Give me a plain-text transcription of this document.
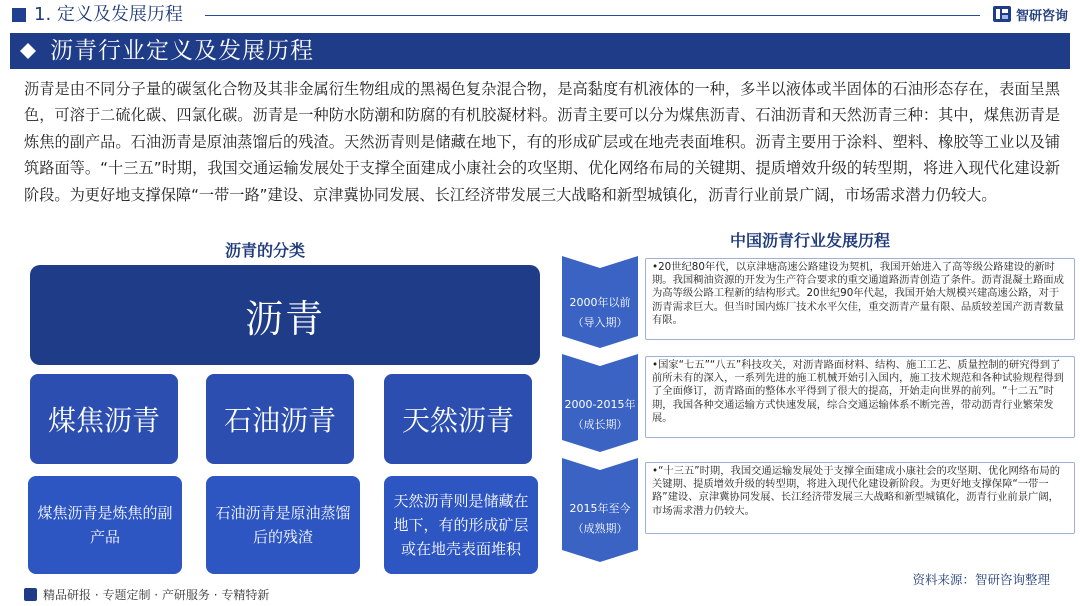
1. 定义及发展历程	智研咨询
沥青行业定义及发展历程

沥青是由不同分子量的碳氢化合物及其非金属衍生物组成的黑褐色复杂混合物，是高黏度有机液体的一种，多半以液体或半固体的石油形态存在，表面呈黑色，可溶于二硫化碳、四氯化碳。沥青是一种防水防潮和防腐的有机胶凝材料。沥青主要可以分为煤焦沥青、石油沥青和天然沥青三种：其中，煤焦沥青是炼焦的副产品。石油沥青是原油蒸馏后的残渣。天然沥青则是储藏在地下，有的形成矿层或在地壳表面堆积。沥青主要用于涂料、塑料、橡胶等工业以及铺筑路面等。“十三五”时期，我国交通运输发展处于支撑全面建成小康社会的攻坚期、优化网络布局的关键期、提质增效升级的转型期，将进入现代化建设新阶段。为更好地支撑保障“一带一路”建设、京津冀协同发展、长江经济带发展三大战略和新型城镇化，沥青行业前景广阔，市场需求潜力仍较大。

沥青的分类
沥青
煤焦沥青 石油沥青 天然沥青
煤焦沥青是炼焦的副产品
石油沥青是原油蒸馏后的残渣
天然沥青则是储藏在地下，有的形成矿层或在地壳表面堆积
中国沥青行业发展历程
2000年以前
（导入期）
•20世纪80年代，以京津塘高速公路建设为契机，我国开始进入了高等级公路建设的新时期。我国稠油资源的开发为生产符合要求的重交通道路沥青创造了条件。沥青混凝土路面成为高等级公路工程新的结构形式。20世纪90年代起，我国开始大规模兴建高速公路，对于沥青需求巨大。但当时国内炼厂技术水平欠佳，重交沥青产量有限、品质较差国产沥青数量有限。
2000-2015年
（成长期）
•国家“七五”“八五”科技攻关，对沥青路面材料、结构、施工工艺、质量控制的研究得到了前所未有的深入，一系列先进的施工机械开始引入国内，施工技术规范和各种试验规程得到了全面修订，沥青路面的整体水平得到了很大的提高，开始走向世界的前列。“十二五”时期，我国各种交通运输方式快速发展，综合交通运输体系不断完善，带动沥青行业繁荣发展。
2015年至今
（成熟期）
•“十三五”时期，我国交通运输发展处于支撑全面建成小康社会的攻坚期、优化网络布局的关键期、提质增效升级的转型期，将进入现代化建设新阶段。为更好地支撑保障“一带一路”建设、京津冀协同发展、长江经济带发展三大战略和新型城镇化，沥青行业前景广阔，市场需求潜力仍较大。
精品研报 · 专题定制 · 产研服务 · 专精特新
资料来源：智研咨询整理
